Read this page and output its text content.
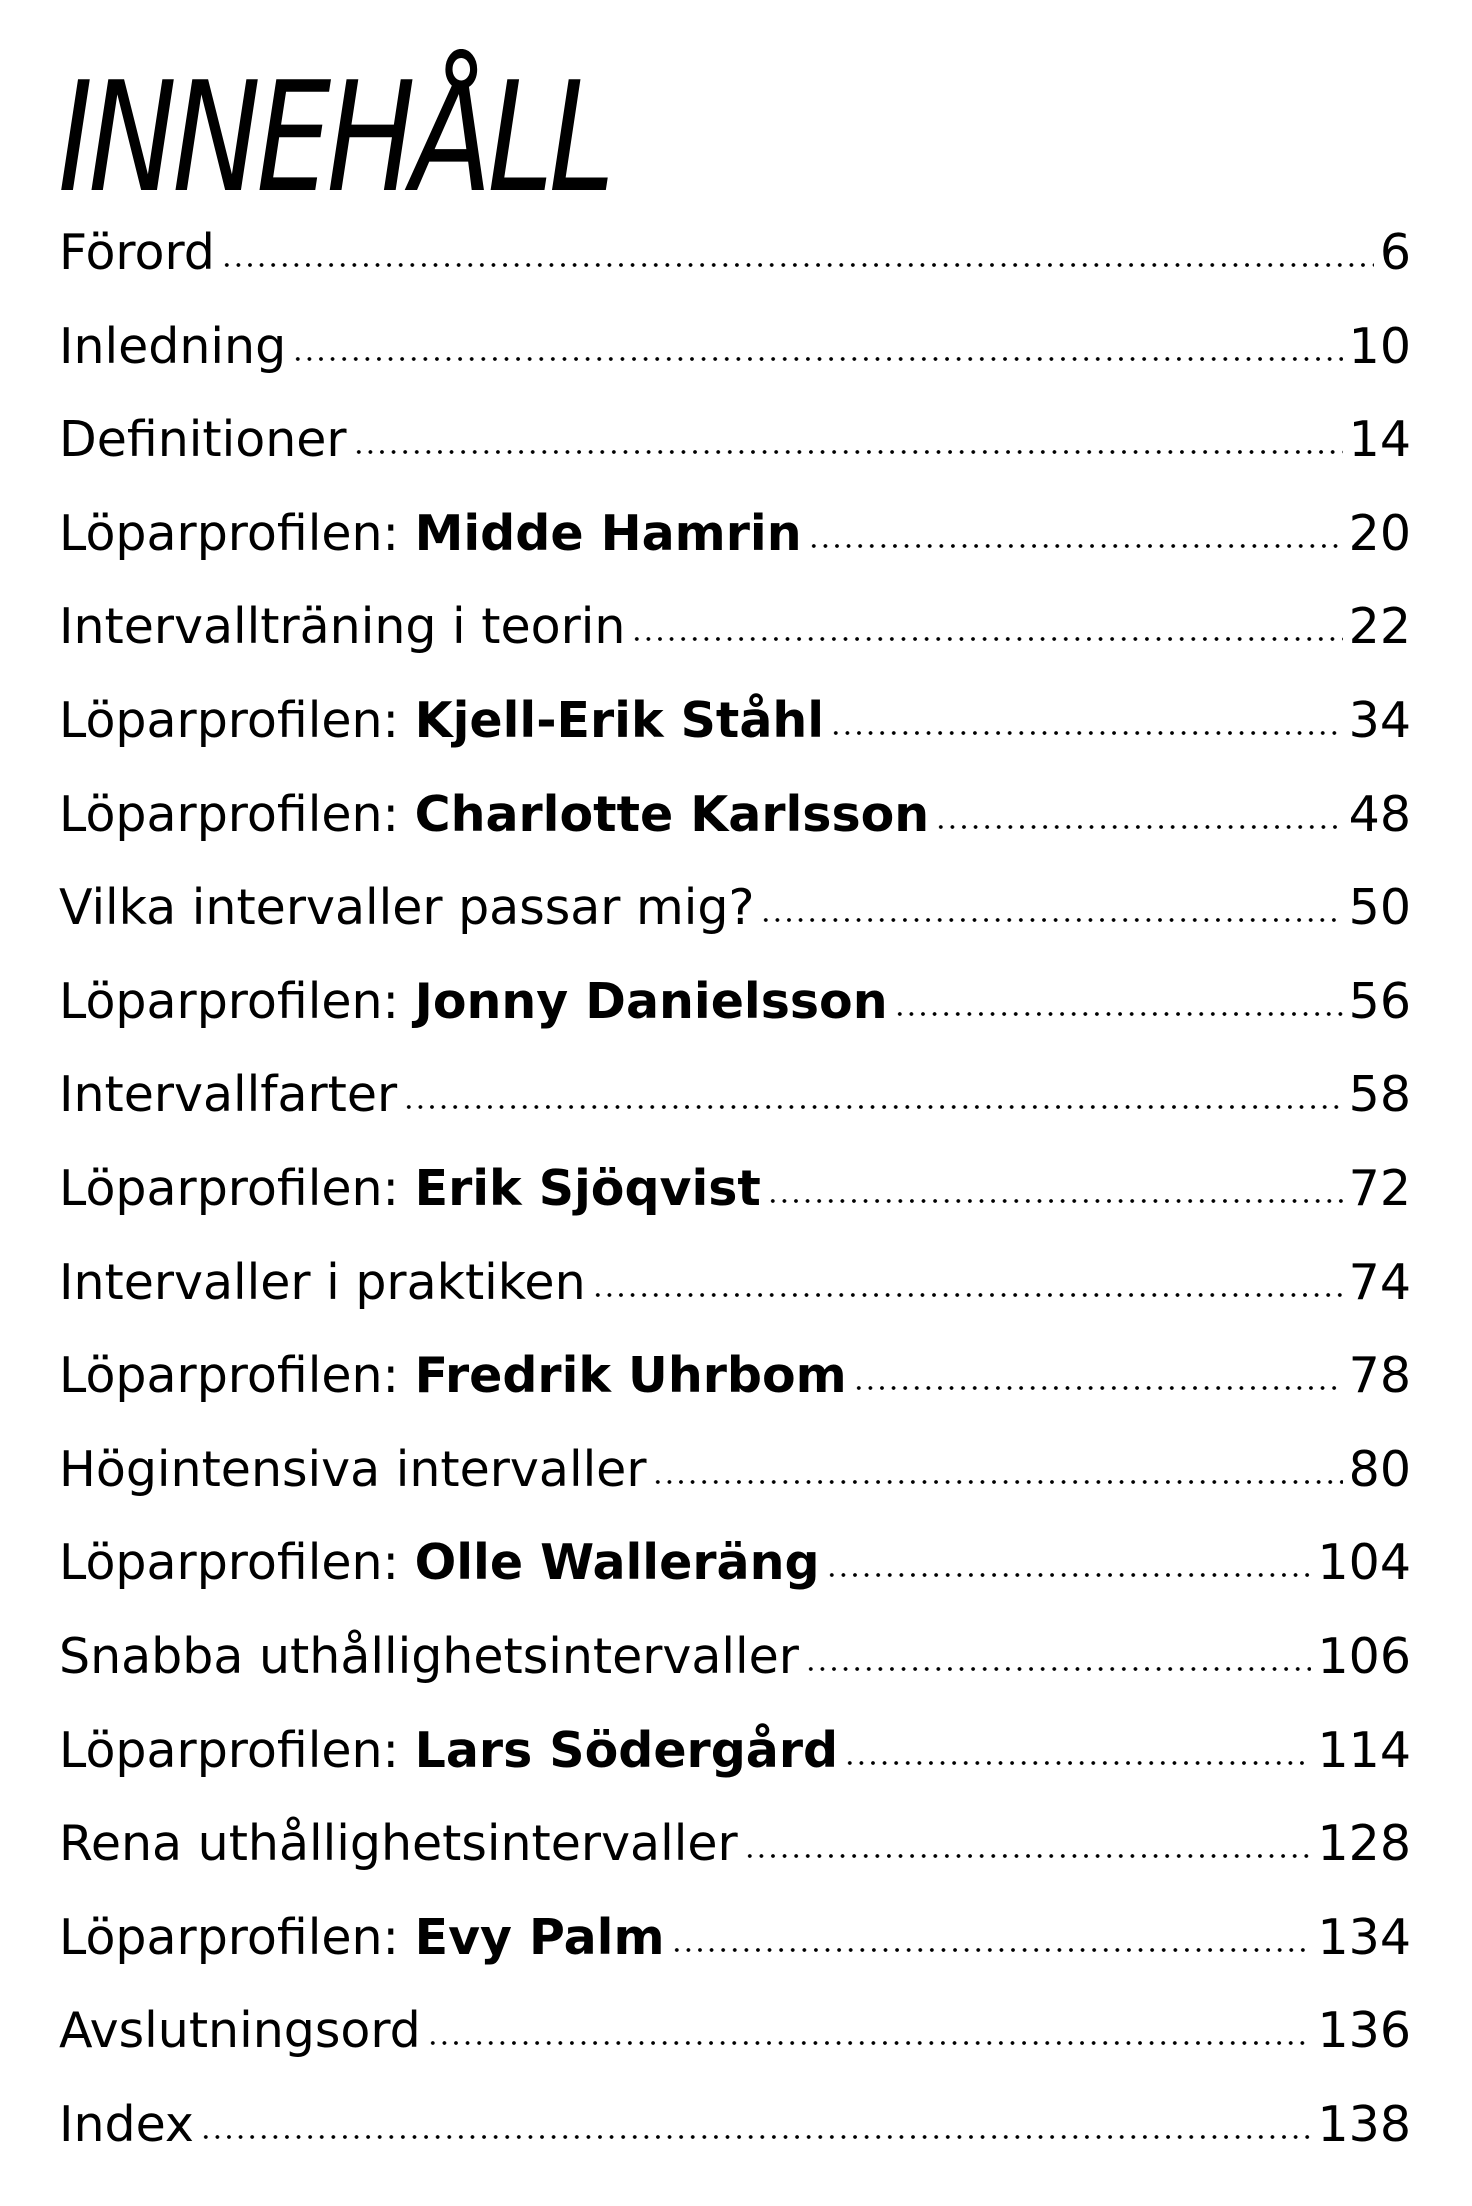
INNEHÅLL
Förord	6
Inledning	10
Definitioner	14
Löparprofilen: Midde Hamrin	20
Intervallträning i teorin	22
Löparprofilen: Kjell-Erik Ståhl	34
Löparprofilen: Charlotte Karlsson	48
Vilka intervaller passar mig?	50
Löparprofilen: Jonny Danielsson	56
Intervallfarter	58
Löparprofilen: Erik Sjöqvist	72
Intervaller i praktiken	74
Löparprofilen: Fredrik Uhrbom	78
Högintensiva intervaller	80
Löparprofilen: Olle Walleräng	104
Snabba uthållighetsintervaller	106
Löparprofilen: Lars Södergård	114
Rena uthållighetsintervaller	128
Löparprofilen: Evy Palm	134
Avslutningsord	136
Index	138
